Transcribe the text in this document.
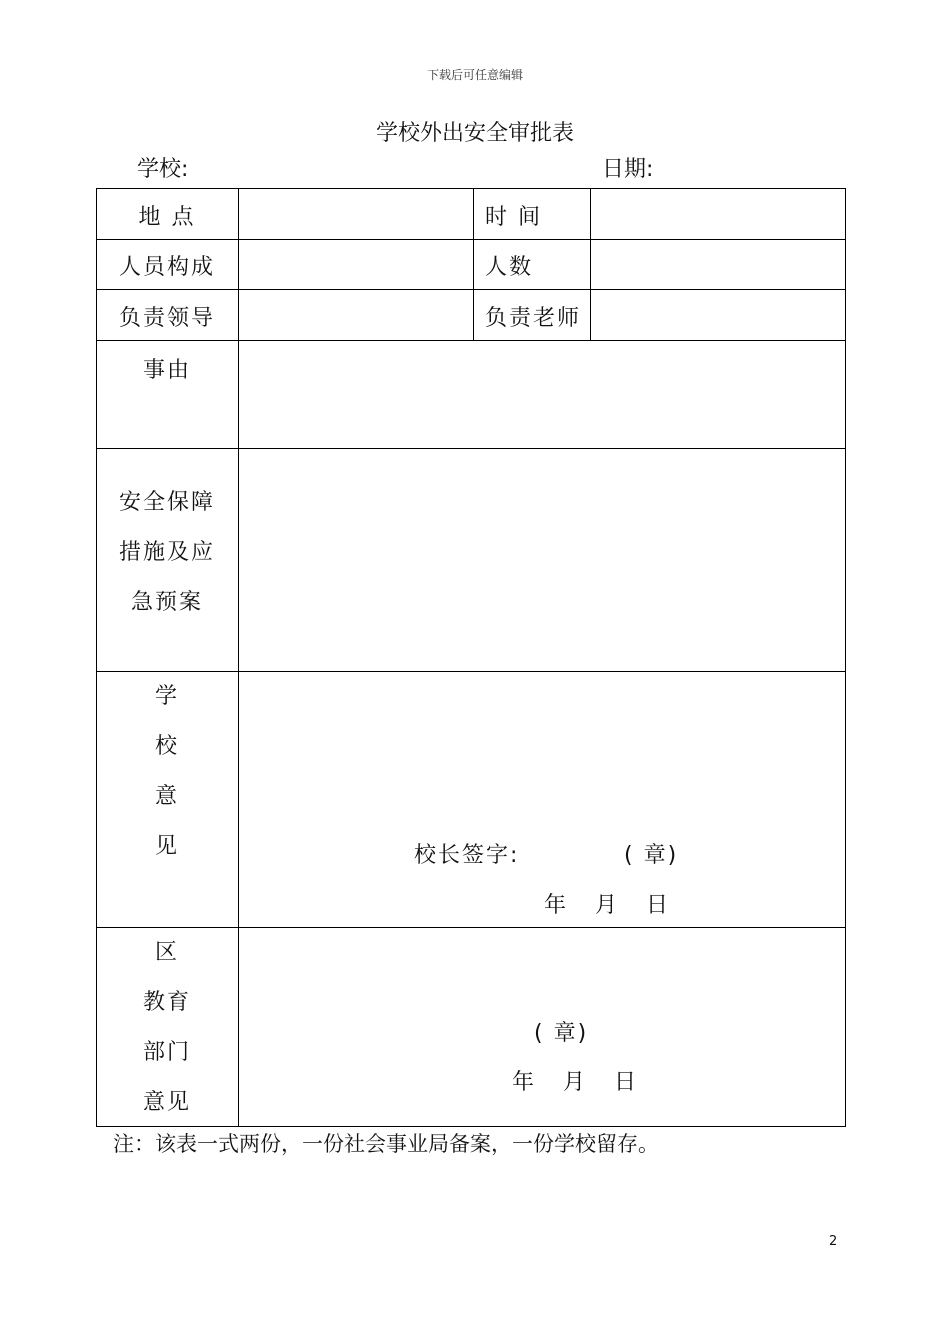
下载后可任意编辑
学校外出安全审批表
学校:	日期:
地 点	时 间
人员构成	人数
负责领导	负责老师
事由
安全保障
措施及应
急预案
学
校
意
见	校长签字:	( 章)
年   月   日
区
教育
部门
意见
( 章)
年   月   日
注：该表一式两份，一份社会事业局备案，一份学校留存。
2
